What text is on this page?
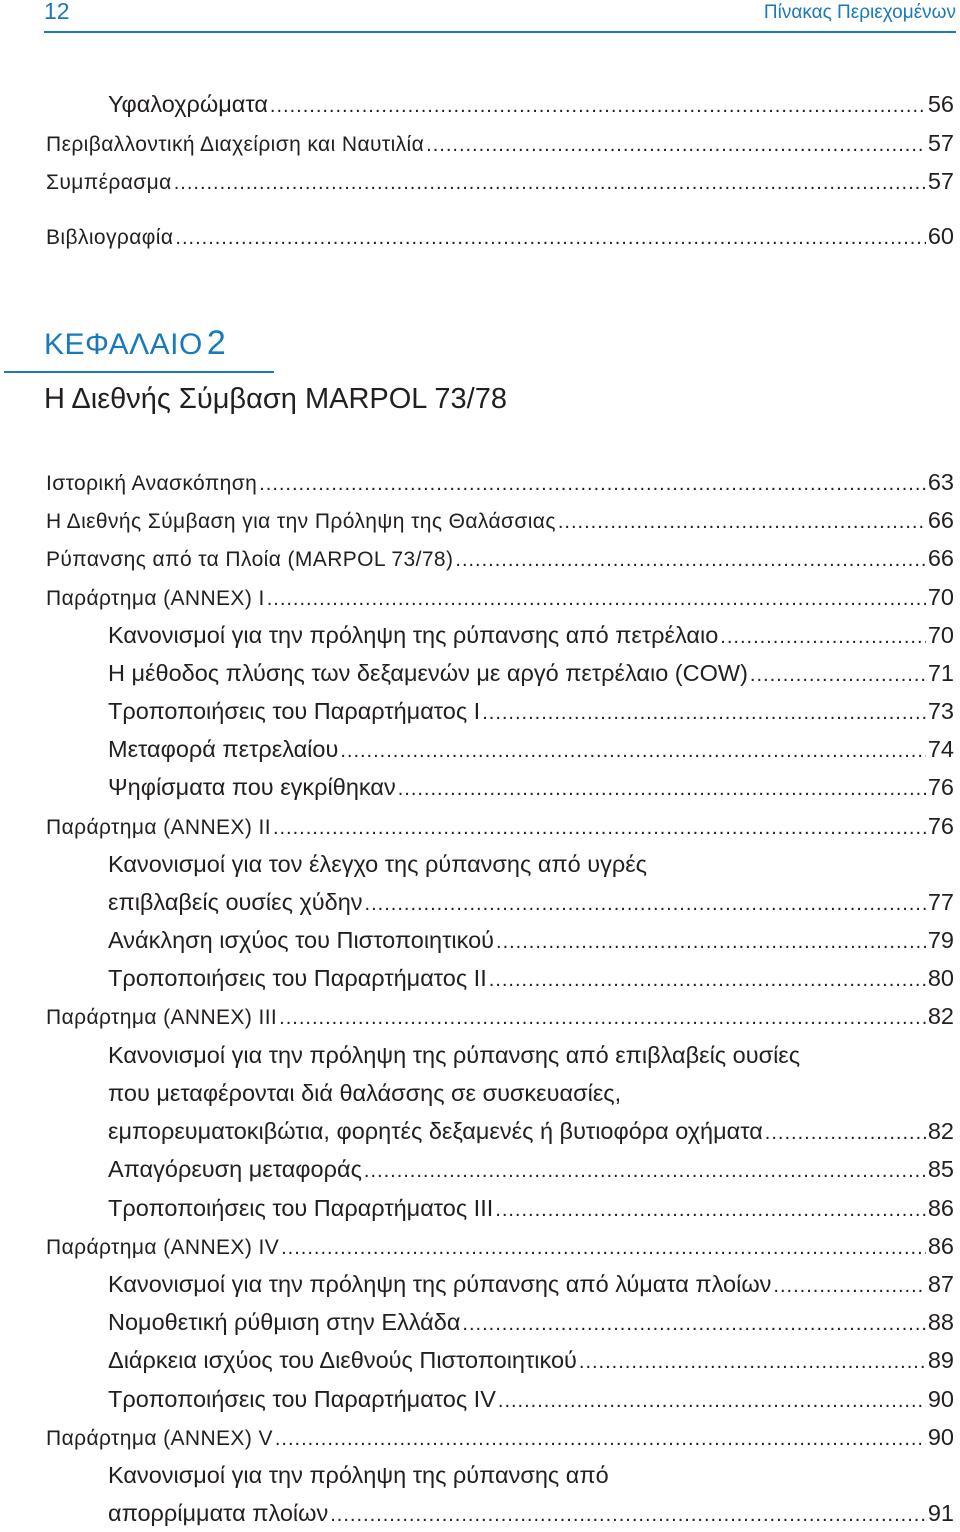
12	Πίνακας Περιεχομένων
Υφαλοχρώματα .....	56
Περιβαλλοντική Διαχείριση και Ναυτιλία .....	57
Συμπέρασμα .....	57
Βιβλιογραφία .....	60
ΚΕΦΑΛΑΙΟ 2
Η Διεθνής Σύμβαση MARPOL 73/78
Ιστορική Ανασκόπηση .....	63
Η Διεθνής Σύμβαση για την Πρόληψη της Θαλάσσιας .....	66
Ρύπανσης από τα Πλοία (MARPOL 73/78) .....	66
Παράρτημα (ANNEX) I .....	70
Κανονισμοί για την πρόληψη της ρύπανσης από πετρέλαιο .....	70
Η μέθοδος πλύσης των δεξαμενών με αργό πετρέλαιο (COW) .....	71
Τροποποιήσεις του Παραρτήματος Ι .....	73
Μεταφορά πετρελαίου .....	74
Ψηφίσματα που εγκρίθηκαν .....	76
Παράρτημα (ANNEX) II .....	76
Κανονισμοί για τον έλεγχο της ρύπανσης από υγρές
επιβλαβείς ουσίες χύδην .....	77
Ανάκληση ισχύος του Πιστοποιητικού .....	79
Τροποποιήσεις του Παραρτήματος II .....	80
Παράρτημα (ANNEX) III .....	82
Κανονισμοί για την πρόληψη της ρύπανσης από επιβλαβείς ουσίες
που μεταφέρονται διά θαλάσσης σε συσκευασίες,
εμπορευματοκιβώτια, φορητές δεξαμενές ή βυτιοφόρα οχήματα .....	82
Απαγόρευση μεταφοράς .....	85
Τροποποιήσεις του Παραρτήματος III .....	86
Παράρτημα (ANNEX) IV .....	86
Κανονισμοί για την πρόληψη της ρύπανσης από λύματα πλοίων .....	87
Νομοθετική ρύθμιση στην Ελλάδα .....	88
Διάρκεια ισχύος του Διεθνούς Πιστοποιητικού .....	89
Τροποποιήσεις του Παραρτήματος IV .....	90
Παράρτημα (ANNEX) V .....	90
Κανονισμοί για την πρόληψη της ρύπανσης από
απορρίμματα πλοίων .....	91
